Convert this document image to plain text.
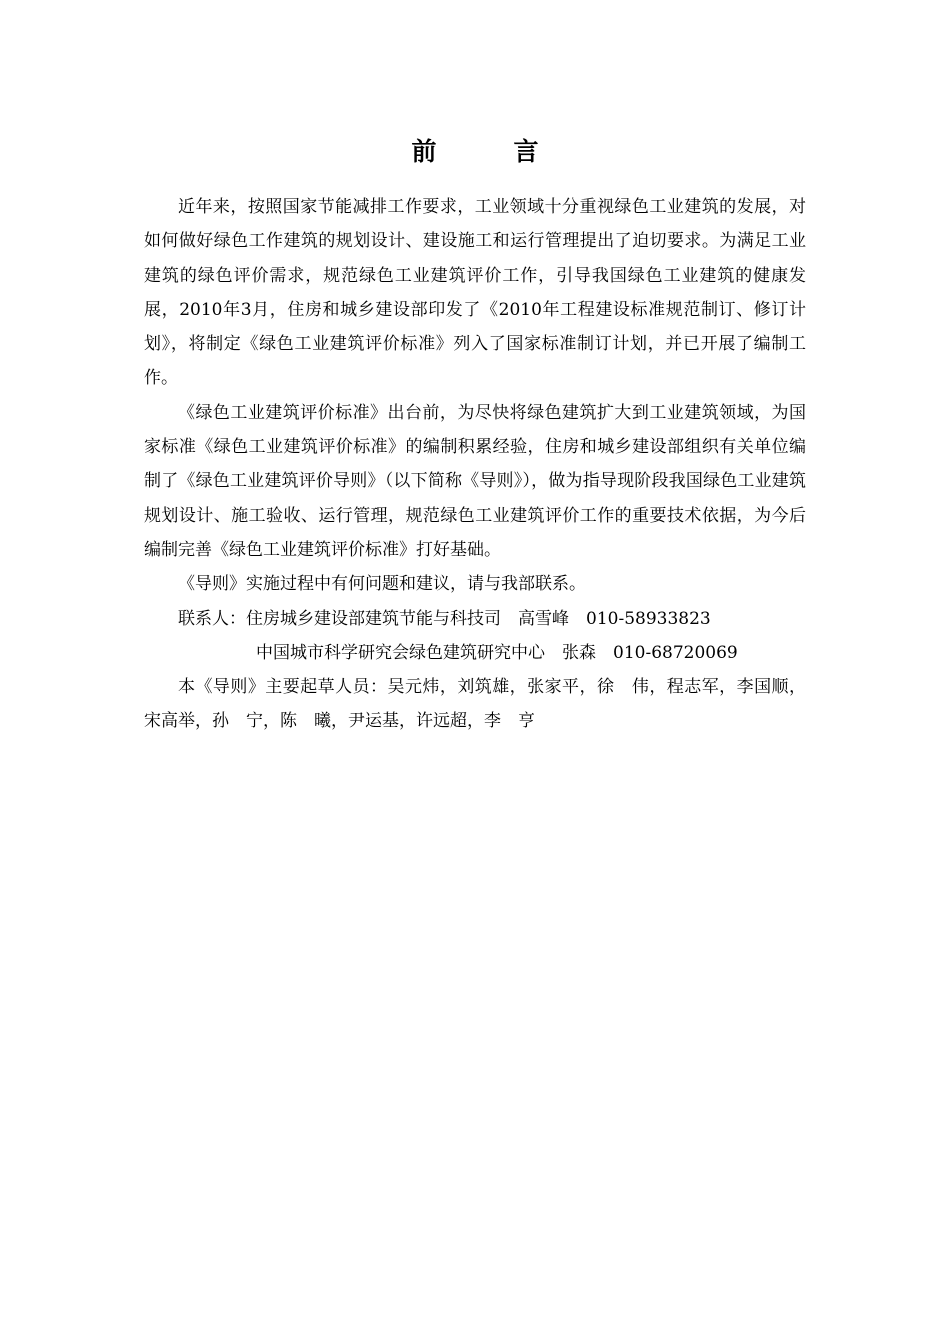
前　言

近年来，按照国家节能减排工作要求，工业领域十分重视绿色工业建筑的发展，对如何做好绿色工作建筑的规划设计、建设施工和运行管理提出了迫切要求。为满足工业建筑的绿色评价需求，规范绿色工业建筑评价工作，引导我国绿色工业建筑的健康发展，2010年3月，住房和城乡建设部印发了《2010年工程建设标准规范制订、修订计划》，将制定《绿色工业建筑评价标准》列入了国家标准制订计划，并已开展了编制工作。

《绿色工业建筑评价标准》出台前，为尽快将绿色建筑扩大到工业建筑领域，为国家标准《绿色工业建筑评价标准》的编制积累经验，住房和城乡建设部组织有关单位编制了《绿色工业建筑评价导则》（以下简称《导则》），做为指导现阶段我国绿色工业建筑规划设计、施工验收、运行管理，规范绿色工业建筑评价工作的重要技术依据，为今后编制完善《绿色工业建筑评价标准》打好基础。

《导则》实施过程中有何问题和建议，请与我部联系。

联系人：住房城乡建设部建筑节能与科技司　高雪峰　010-58933823

中国城市科学研究会绿色建筑研究中心　张森　010-68720069

本《导则》主要起草人员：吴元炜，刘筑雄，张家平，徐　伟，程志军，李国顺，宋高举，孙　宁，陈　曦，尹运基，许远超，李　亨
